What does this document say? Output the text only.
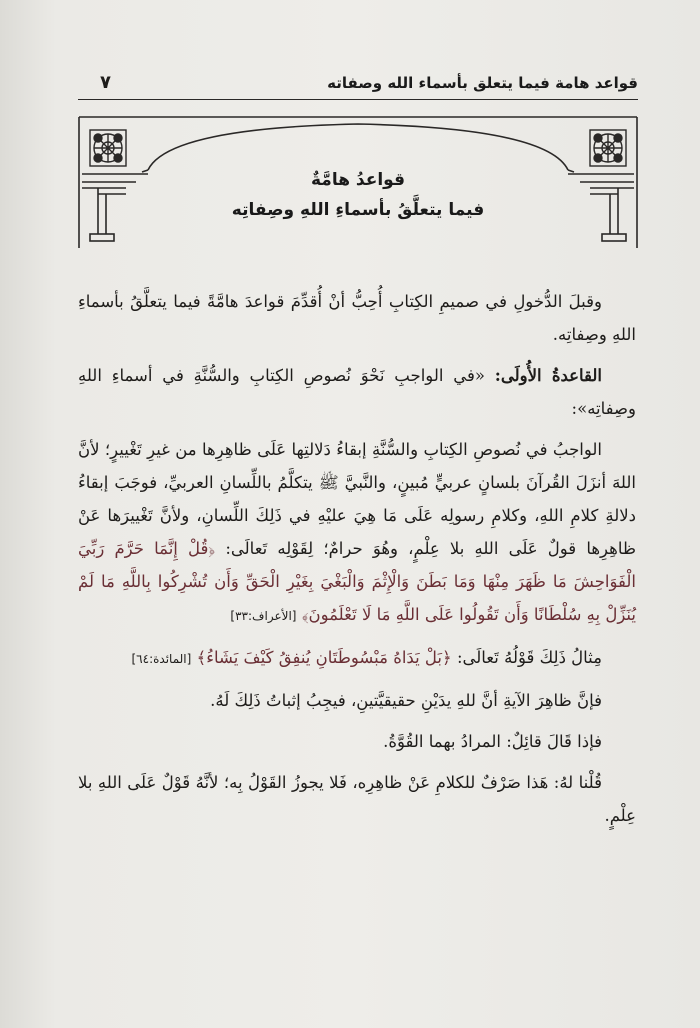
قواعد هامة فيما يتعلق بأسماء الله وصفاته
٧
قواعدُ هامَّةٌ
فيما يتعلَّقُ بأسماءِ اللهِ وصِفاتِه

وقبلَ الدُّخولِ في صميمِ الكِتابِ أُحِبُّ أنْ أُقدِّمَ قواعدَ هامَّةً فيما يتعلَّقُ بأسماءِ اللهِ وصِفاتِه.

القاعدةُ الأُولَى: «في الواجبِ نَحْوَ نُصوصِ الكِتابِ والسُّنَّةِ في أسماءِ اللهِ وصِفاتِه»:

الواجبُ في نُصوصِ الكِتابِ والسُّنَّةِ إبقاءُ دَلالتِها عَلَى ظاهِرِها من غيرِ تَغْييرٍ؛ لأنَّ اللهَ أنزَلَ القُرآنَ بلسانٍ عربيٍّ مُبينٍ، والنَّبيَّ ﷺ يتكلَّمُ باللِّسانِ العربيِّ، فوجَبَ إبقاءُ دلالةِ كلامِ اللهِ، وكلامِ رسولِه عَلَى مَا هِيَ عليْهِ في ذَلِكَ اللِّسانِ، ولأنَّ تَغْييرَها عَنْ ظاهِرِها قولٌ عَلَى اللهِ بلا عِلْمٍ، وهُوَ حرامٌ؛ لِقَوْلِه تَعالَى: ﴿قُلْ إِنَّمَا حَرَّمَ رَبِّيَ الْفَوَاحِشَ مَا ظَهَرَ مِنْهَا وَمَا بَطَنَ وَالْإِثْمَ وَالْبَغْيَ بِغَيْرِ الْحَقِّ وَأَن تُشْرِكُوا بِاللَّهِ مَا لَمْ يُنَزِّلْ بِهِ سُلْطَانًا وَأَن تَقُولُوا عَلَى اللَّهِ مَا لَا تَعْلَمُونَ﴾ [الأعراف:٣٣]

مِثالُ ذَلِكَ قَوْلُهُ تَعالَى: ﴿بَلْ يَدَاهُ مَبْسُوطَتَانِ يُنفِقُ كَيْفَ يَشَاءُ﴾ [المائدة:٦٤]

فإنَّ ظاهِرَ الآيةِ أنَّ للهِ يدَيْنِ حقيقيَّتينِ، فيجِبُ إثباتُ ذَلِكَ لَهُ.

فإذا قَالَ قائِلٌ: المرادُ بهما القُوَّةُ.

قُلْنا لهُ: هَذا صَرْفٌ للكلامِ عَنْ ظاهِرِه، فَلا يجوزُ القَوْلُ بِه؛ لأنَّهُ قَوْلٌ عَلَى اللهِ بلا عِلْمٍ.
